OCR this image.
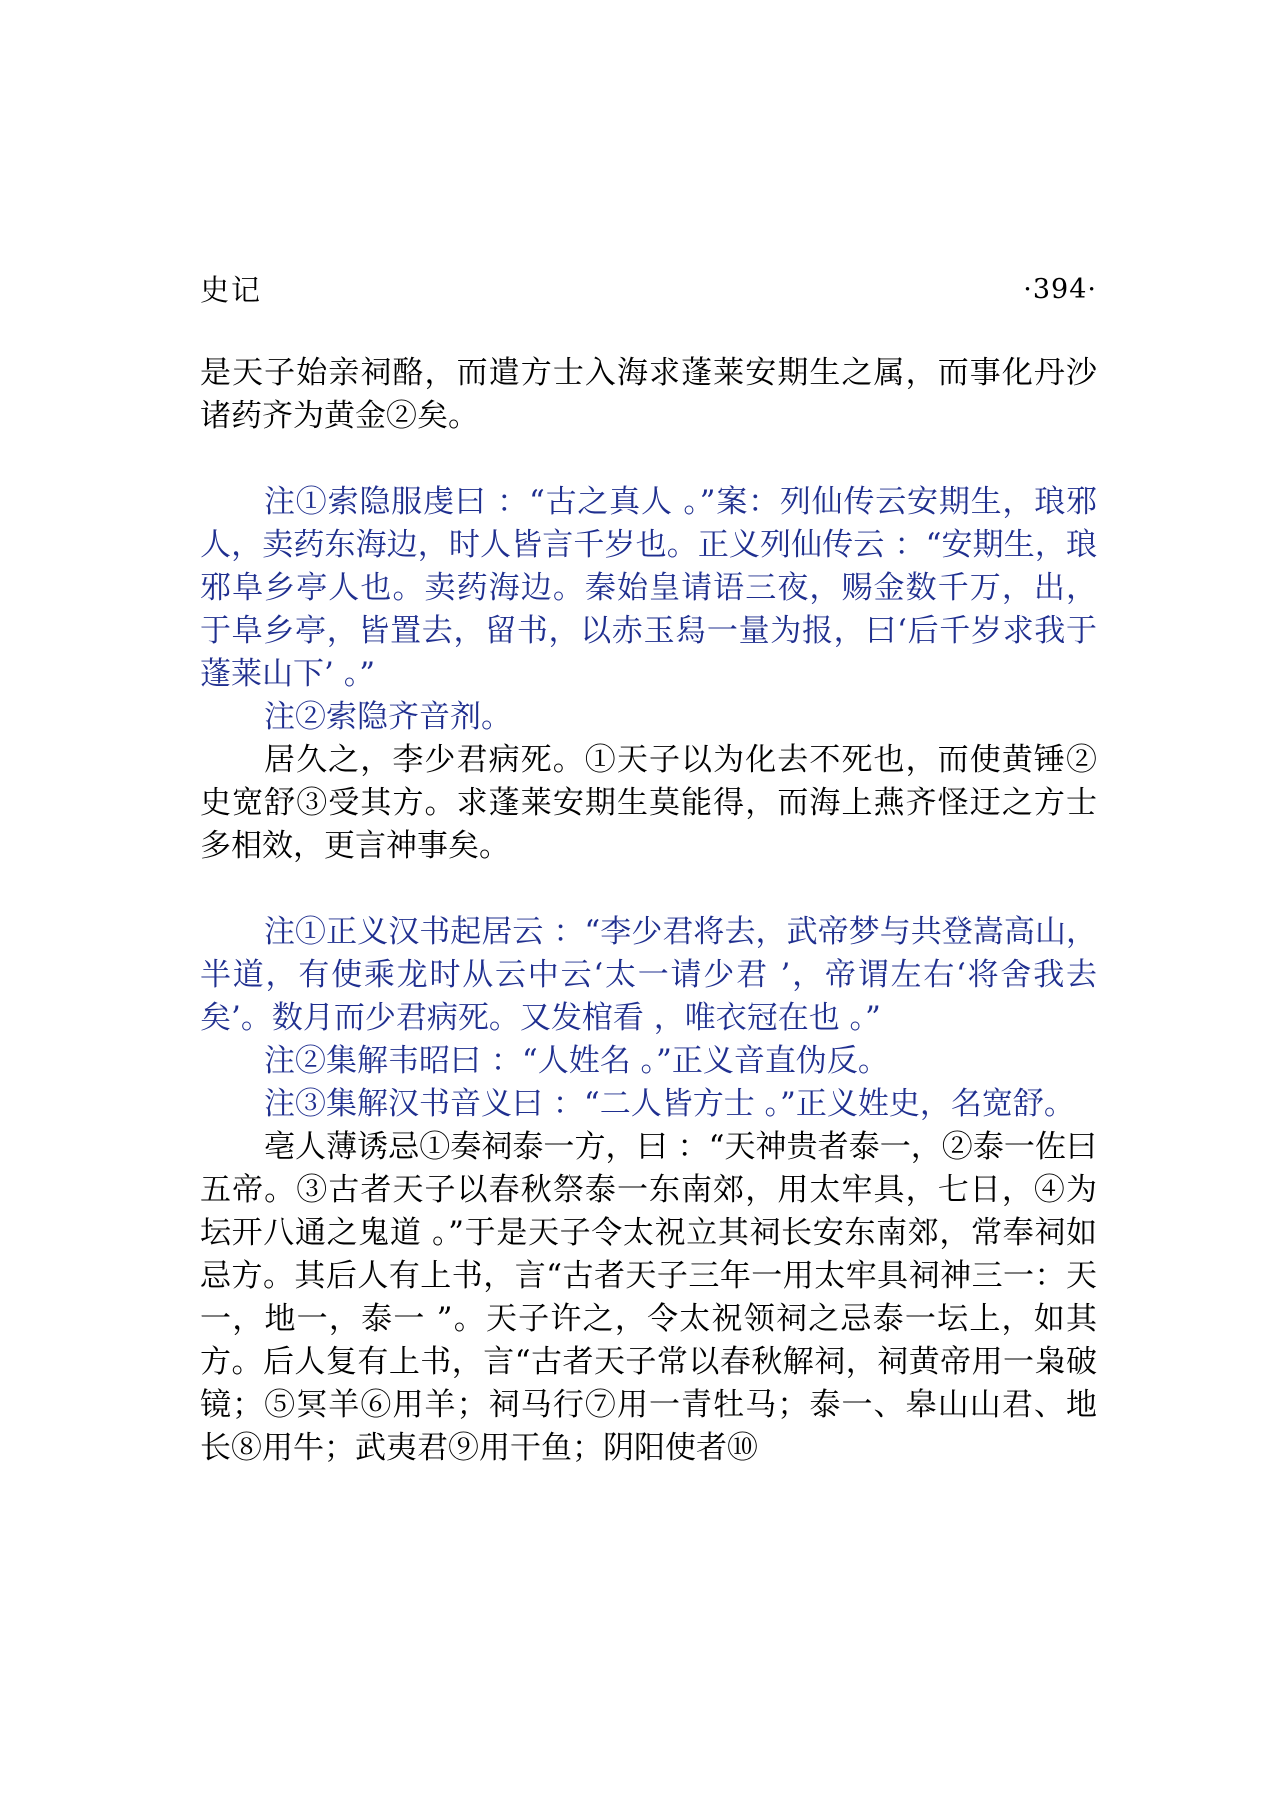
史记	·394·

是天子始亲祠酪，而遣方士入海求蓬莱安期生之属，而事化丹沙诸药齐为黄金②矣。

注①索隐服虔曰 ：“古之真人 。”案：列仙传云安期生，琅邪人，卖药东海边，时人皆言千岁也。正义列仙传云 ：“安期生，琅邪阜乡亭人也。卖药海边。秦始皇请语三夜，赐金数千万，出，于阜乡亭，皆置去，留书，以赤玉舄一量为报，曰‘后千岁求我于蓬莱山下’ 。”

注②索隐齐音剂。

居久之，李少君病死。①天子以为化去不死也，而使黄锤②史宽舒③受其方。求蓬莱安期生莫能得，而海上燕齐怪迂之方士多相效，更言神事矣。

注①正义汉书起居云 ：“李少君将去，武帝梦与共登嵩高山，半道，有使乘龙时从云中云‘太一请少君 ’，帝谓左右‘将舍我去矣’。数月而少君病死。又发棺看 ，唯衣冠在也 。”

注②集解韦昭曰 ：“人姓名 。”正义音直伪反。

注③集解汉书音义曰 ：“二人皆方士 。”正义姓史，名宽舒。

亳人薄诱忌①奏祠泰一方，曰 ：“天神贵者泰一，②泰一佐曰五帝。③古者天子以春秋祭泰一东南郊，用太牢具，七日，④为坛开八通之鬼道 。”于是天子令太祝立其祠长安东南郊，常奉祠如忌方。其后人有上书，言“古者天子三年一用太牢具祠神三一：天一，地一，泰一 ”。天子许之，令太祝领祠之忌泰一坛上，如其方。后人复有上书，言“古者天子常以春秋解祠，祠黄帝用一枭破镜；⑤冥羊⑥用羊；祠马行⑦用一青牡马；泰一、皋山山君、地长⑧用牛；武夷君⑨用干鱼；阴阳使者⑩
